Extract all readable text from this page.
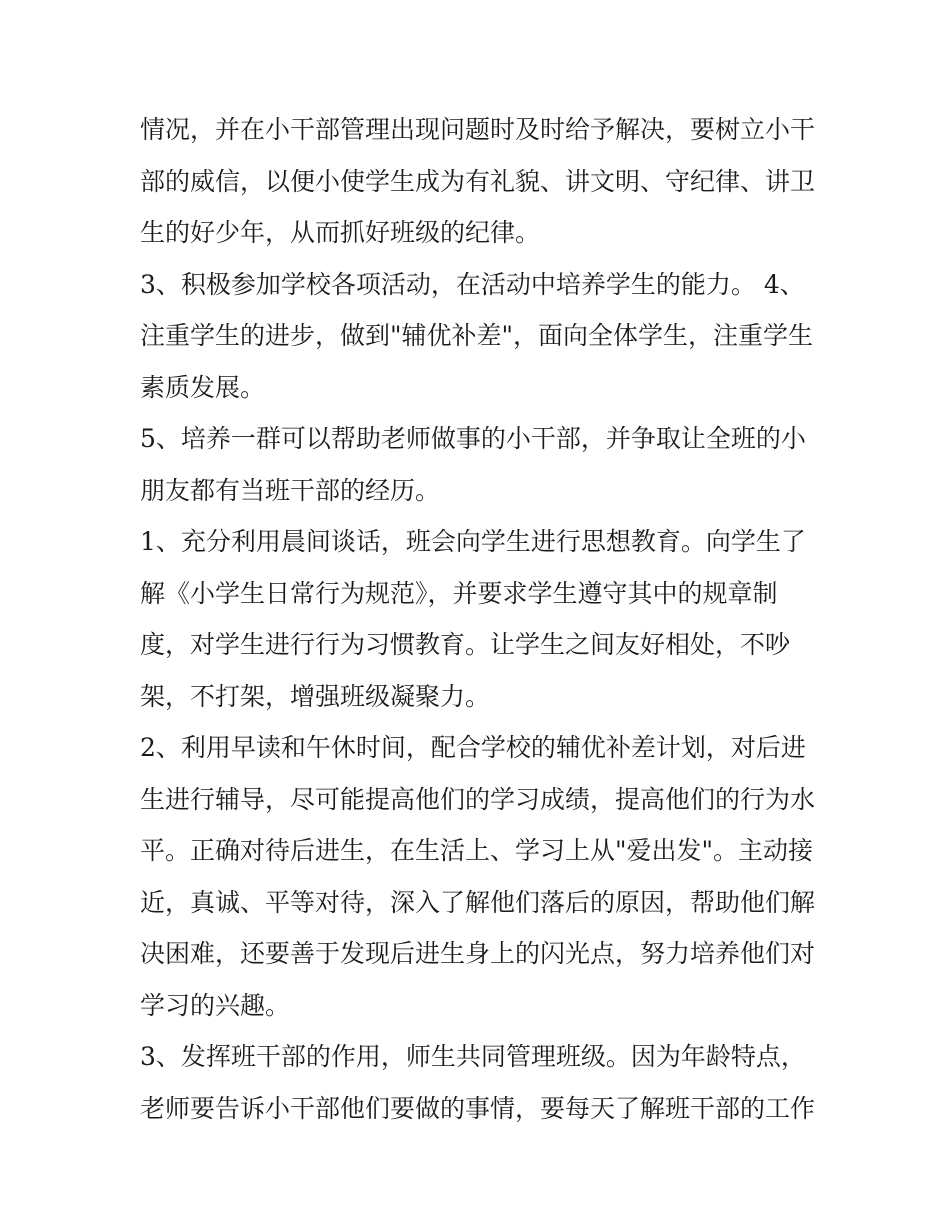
情况，并在小干部管理出现问题时及时给予解决，要树立小干
部的威信，以便小使学生成为有礼貌、讲文明、守纪律、讲卫
生的好少年，从而抓好班级的纪律。

3、积极参加学校各项活动，在活动中培养学生的能力。 4、
注重学生的进步，做到"辅优补差"，面向全体学生，注重学生
素质发展。

5、培养一群可以帮助老师做事的小干部，并争取让全班的小
朋友都有当班干部的经历。

1、充分利用晨间谈话，班会向学生进行思想教育。向学生了
解《小学生日常行为规范》，并要求学生遵守其中的规章制
度，对学生进行行为习惯教育。让学生之间友好相处，不吵
架，不打架，增强班级凝聚力。

2、利用早读和午休时间，配合学校的辅优补差计划，对后进
生进行辅导，尽可能提高他们的学习成绩，提高他们的行为水
平。正确对待后进生，在生活上、学习上从"爱出发"。主动接
近，真诚、平等对待，深入了解他们落后的原因，帮助他们解
决困难，还要善于发现后进生身上的闪光点，努力培养他们对
学习的兴趣。

3、发挥班干部的作用，师生共同管理班级。因为年龄特点，
老师要告诉小干部他们要做的事情，要每天了解班干部的工作
